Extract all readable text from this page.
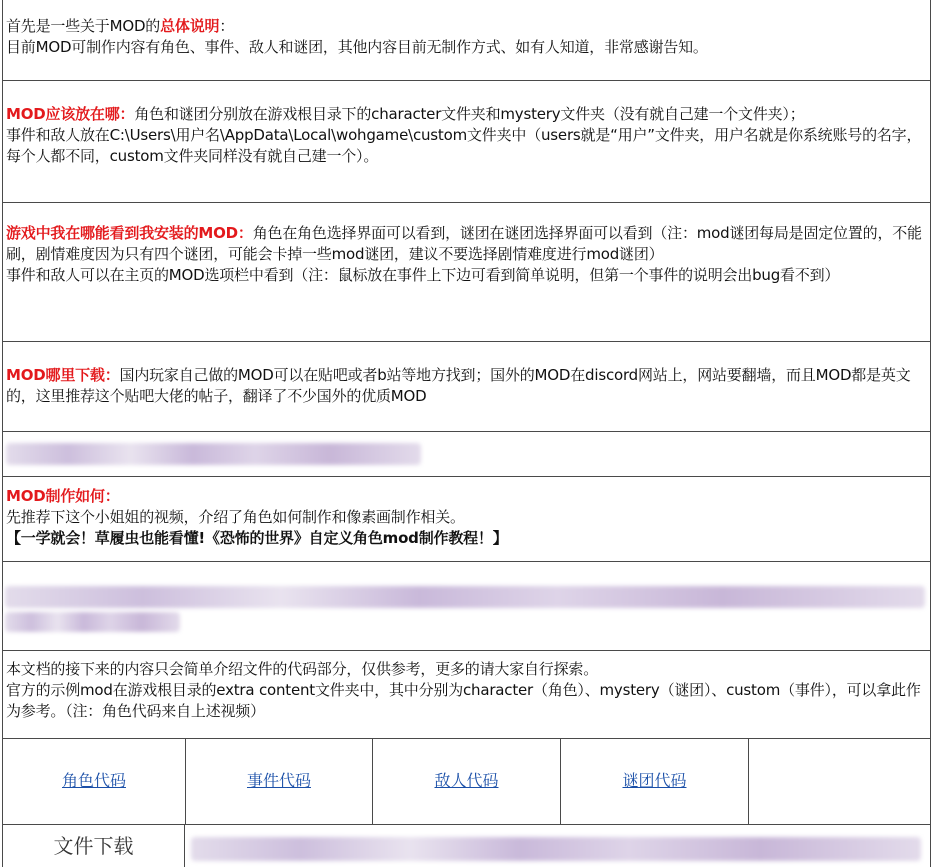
首先是一些关于MOD的总体说明：
目前MOD可制作内容有角色、事件、敌人和谜团，其他内容目前无制作方式、如有人知道，非常感谢告知。
MOD应该放在哪：角色和谜团分别放在游戏根目录下的character文件夹和mystery文件夹（没有就自己建一个文件夹）；
事件和敌人放在C:\Users\用户名\AppData\Local\wohgame\custom文件夹中（users就是“用户”文件夹，用户名就是你系统账号的名字，每个人都不同，custom文件夹同样没有就自己建一个）。
游戏中我在哪能看到我安装的MOD：角色在角色选择界面可以看到，谜团在谜团选择界面可以看到（注：mod谜团每局是固定位置的，不能刷，剧情难度因为只有四个谜团，可能会卡掉一些mod谜团，建议不要选择剧情难度进行mod谜团）
事件和敌人可以在主页的MOD选项栏中看到（注：鼠标放在事件上下边可看到简单说明，但第一个事件的说明会出bug看不到）
MOD哪里下载：国内玩家自己做的MOD可以在贴吧或者b站等地方找到；国外的MOD在discord网站上，网站要翻墙，而且MOD都是英文的，这里推荐这个贴吧大佬的帖子，翻译了不少国外的优质MOD
MOD制作如何：
先推荐下这个小姐姐的视频，介绍了角色如何制作和像素画制作相关。
【一学就会！草履虫也能看懂!《恐怖的世界》自定义角色mod制作教程！】
本文档的接下来的内容只会简单介绍文件的代码部分，仅供参考，更多的请大家自行探索。
官方的示例mod在游戏根目录的extra content文件夹中，其中分别为character（角色）、mystery（谜团）、custom（事件），可以拿此作为参考。（注：角色代码来自上述视频）
角色代码	事件代码	敌人代码	谜团代码
文件下载
